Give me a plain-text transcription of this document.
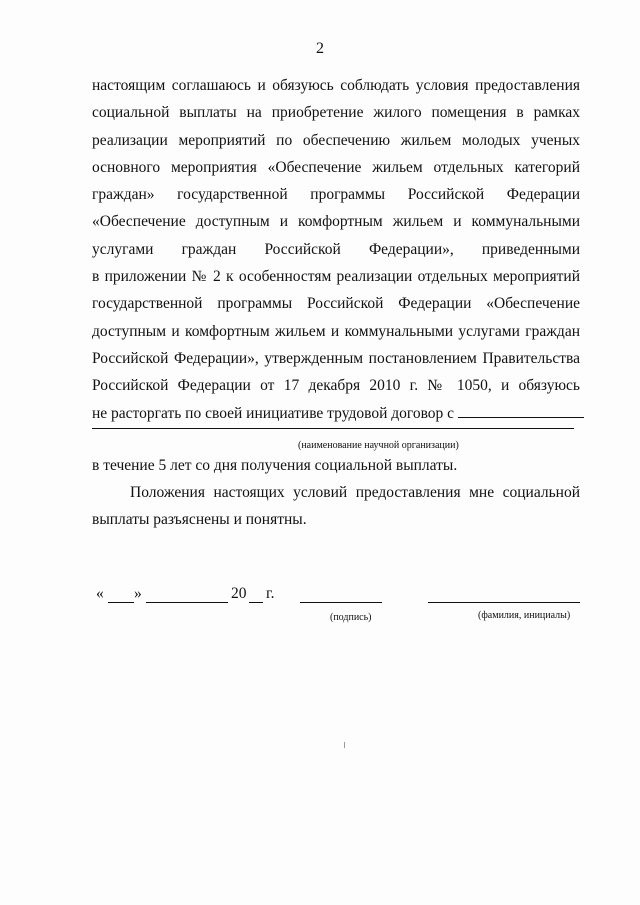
2
настоящим соглашаюсь и обязуюсь соблюдать условия предоставления
социальной выплаты на приобретение жилого помещения в рамках
реализации мероприятий по обеспечению жильем молодых ученых
основного мероприятия «Обеспечение жильем отдельных категорий
граждан» государственной программы Российской Федерации
«Обеспечение доступным и комфортным жильем и коммунальными
услугами граждан Российской Федерации», приведенными
в приложении № 2 к особенностям реализации отдельных мероприятий
государственной программы Российской Федерации «Обеспечение
доступным и комфортным жильем и коммунальными услугами граждан
Российской Федерации», утвержденным постановлением Правительства
Российской Федерации от 17 декабря 2010 г. № 1050, и обязуюсь
не расторгать по своей инициативе трудовой договор с
(наименование научной организации)
в течение 5 лет со дня получения социальной выплаты.
Положения настоящих условий предоставления мне социальной
выплаты разъяснены и понятны.
« »	20 г.
(подпись)	(фамилия, инициалы)
